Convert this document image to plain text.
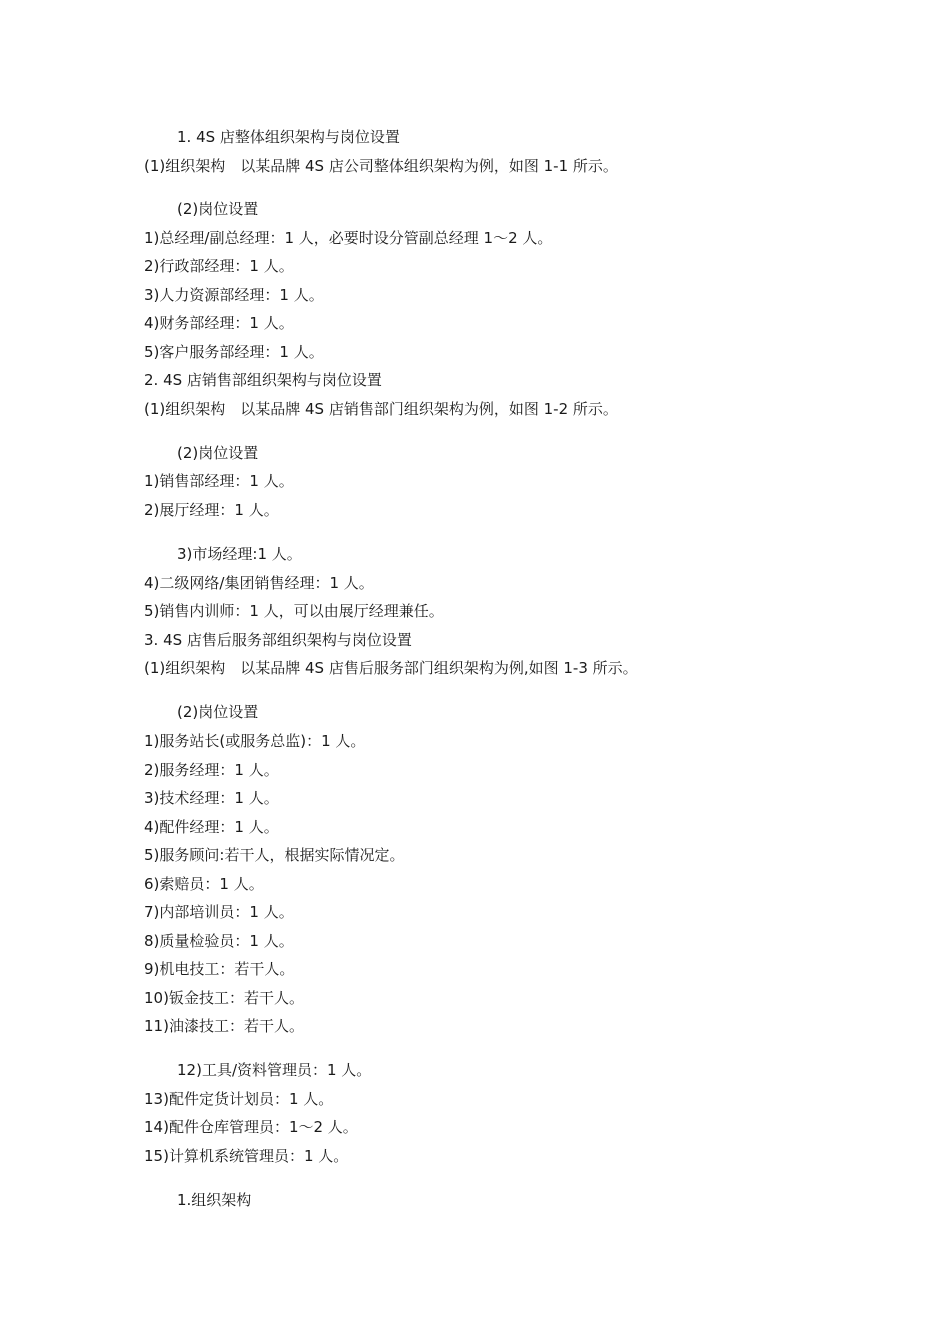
1. 4S 店整体组织架构与岗位设置
(1)组织架构　以某品牌 4S 店公司整体组织架构为例，如图 1-1 所示。
(2)岗位设置
1)总经理/副总经理：1 人，必要时设分管副总经理 1～2 人。
2)行政部经理：1 人。
3)人力资源部经理：1 人。
4)财务部经理：1 人。
5)客户服务部经理：1 人。
2. 4S 店销售部组织架构与岗位设置
(1)组织架构　以某品牌 4S 店销售部门组织架构为例，如图 1-2 所示。
(2)岗位设置
1)销售部经理：1 人。
2)展厅经理：1 人。
3)市场经理:1 人。
4)二级网络/集团销售经理：1 人。
5)销售内训师：1 人，可以由展厅经理兼任。
3. 4S 店售后服务部组织架构与岗位设置
(1)组织架构　以某品牌 4S 店售后服务部门组织架构为例,如图 1-3 所示。
(2)岗位设置
1)服务站长(或服务总监)：1 人。
2)服务经理：1 人。
3)技术经理：1 人。
4)配件经理：1 人。
5)服务顾问:若干人，根据实际情况定。
6)索赔员：1 人。
7)内部培训员：1 人。
8)质量检验员：1 人。
9)机电技工：若干人。
10)钣金技工：若干人。
11)油漆技工：若干人。
12)工具/资料管理员：1 人。
13)配件定货计划员：1 人。
14)配件仓库管理员：1～2 人。
15)计算机系统管理员：1 人。
1.组织架构
